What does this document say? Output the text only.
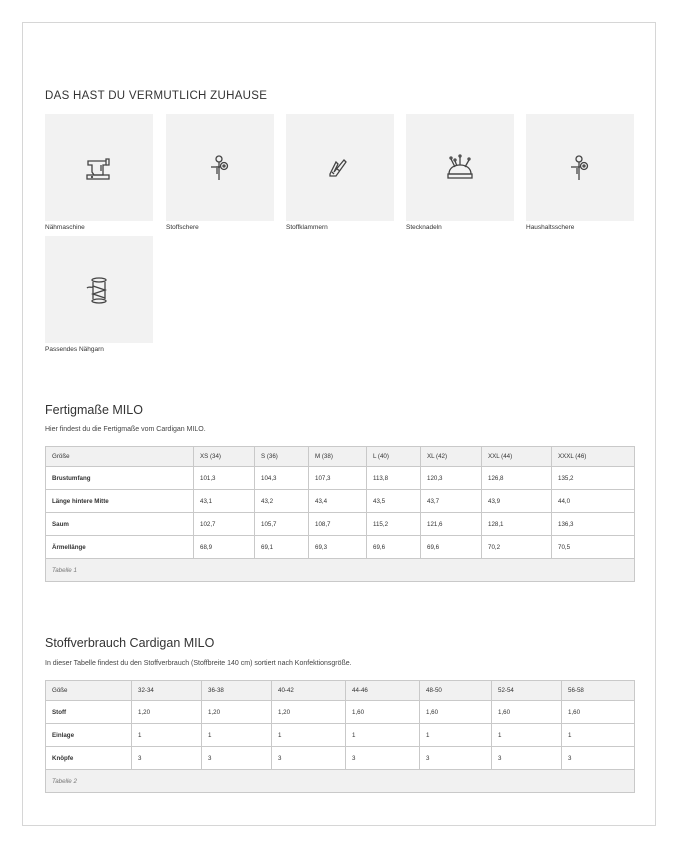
DAS HAST DU VERMUTLICH ZUHAUSE
Nähmaschine	Stoffschere	Stoffklammern	Stecknadeln	Haushaltsschere
Passendes Nähgarn
Fertigmaße MILO

Hier findest du die Fertigmaße vom Cardigan MILO.

Größe	XS (34)	S (36)	M (38)	L (40)	XL (42)	XXL (44)	XXXL (46)
Brustumfang	101,3	104,3	107,3	113,8	120,3	126,8	135,2
Länge hintere Mitte	43,1	43,2	43,4	43,5	43,7	43,9	44,0
Saum	102,7	105,7	108,7	115,2	121,6	128,1	136,3
Ärmellänge	68,9	69,1	69,3	69,6	69,6	70,2	70,5
Tabelle 1							
Stoffverbrauch Cardigan MILO

In dieser Tabelle findest du den Stoffverbrauch (Stoffbreite 140 cm) sortiert nach Konfektionsgröße.

Göße	32-34	36-38	40-42	44-46	48-50	52-54	56-58
Stoff	1,20	1,20	1,20	1,60	1,60	1,60	1,60
Einlage	1	1	1	1	1	1	1
Knöpfe	3	3	3	3	3	3	3
Tabelle 2							
